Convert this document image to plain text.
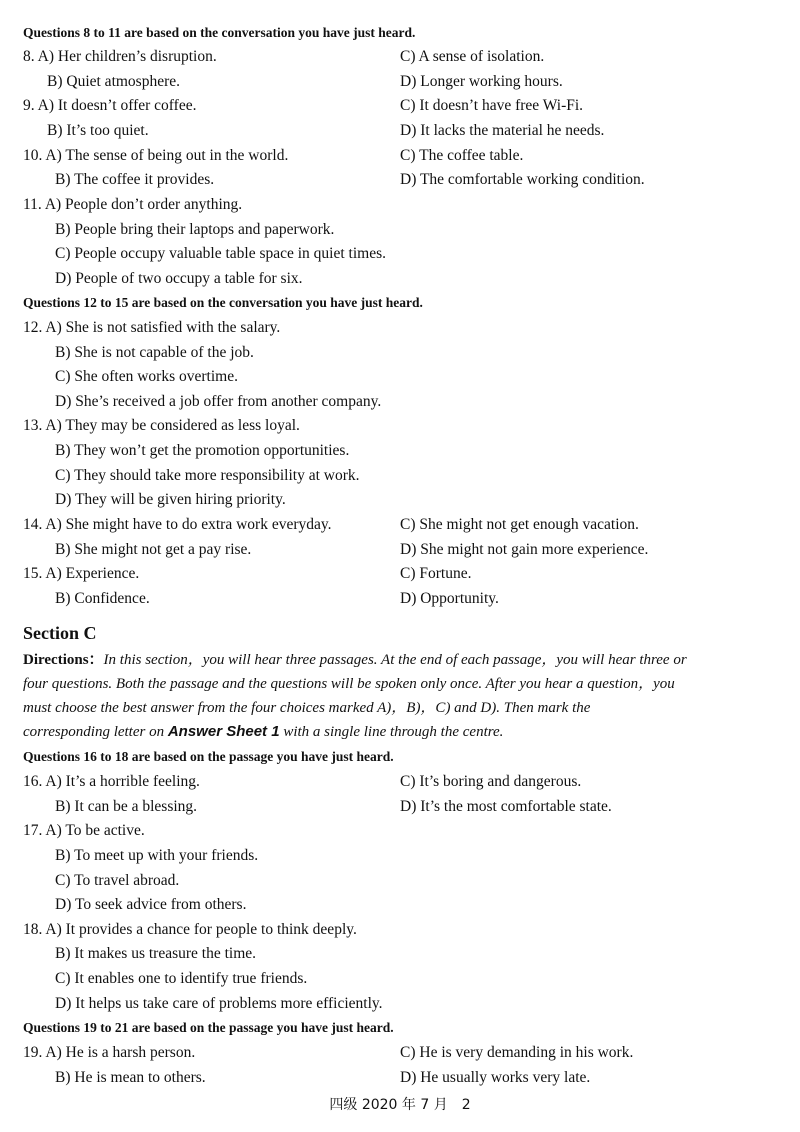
Questions 8 to 11 are based on the conversation you have just heard.
8. A) Her children’s disruption.	C) A sense of isolation.
B) Quiet atmosphere.	D) Longer working hours.
9. A) It doesn’t offer coffee.	C) It doesn’t have free Wi-Fi.
B) It’s too quiet.	D) It lacks the material he needs.
10. A) The sense of being out in the world.	C) The coffee table.
B) The coffee it provides.	D) The comfortable working condition.
11. A) People don’t order anything.
B) People bring their laptops and paperwork.
C) People occupy valuable table space in quiet times.
D) People of two occupy a table for six.
Questions 12 to 15 are based on the conversation you have just heard.
12. A) She is not satisfied with the salary.
B) She is not capable of the job.
C) She often works overtime.
D) She’s received a job offer from another company.
13. A) They may be considered as less loyal.
B) They won’t get the promotion opportunities.
C) They should take more responsibility at work.
D) They will be given hiring priority.
14. A) She might have to do extra work everyday.	C) She might not get enough vacation.
B) She might not get a pay rise.	D) She might not gain more experience.
15. A) Experience.	C) Fortune.
B) Confidence.	D) Opportunity.
Section C
Directions：In this section，you will hear three passages. At the end of each passage，you will hear three or
four questions. Both the passage and the questions will be spoken only once. After you hear a question，you
must choose the best answer from the four choices marked A)，B)，C) and D). Then mark the
corresponding letter on Answer Sheet 1 with a single line through the centre.
Questions 16 to 18 are based on the passage you have just heard.
16. A) It’s a horrible feeling.	C) It’s boring and dangerous.
B) It can be a blessing.	D) It’s the most comfortable state.
17. A) To be active.
B) To meet up with your friends.
C) To travel abroad.
D) To seek advice from others.
18. A) It provides a chance for people to think deeply.
B) It makes us treasure the time.
C) It enables one to identify true friends.
D) It helps us take care of problems more efficiently.
Questions 19 to 21 are based on the passage you have just heard.
19. A) He is a harsh person.	C) He is very demanding in his work.
B) He is mean to others.	D) He usually works very late.
四级 2020 年 7 月　2
